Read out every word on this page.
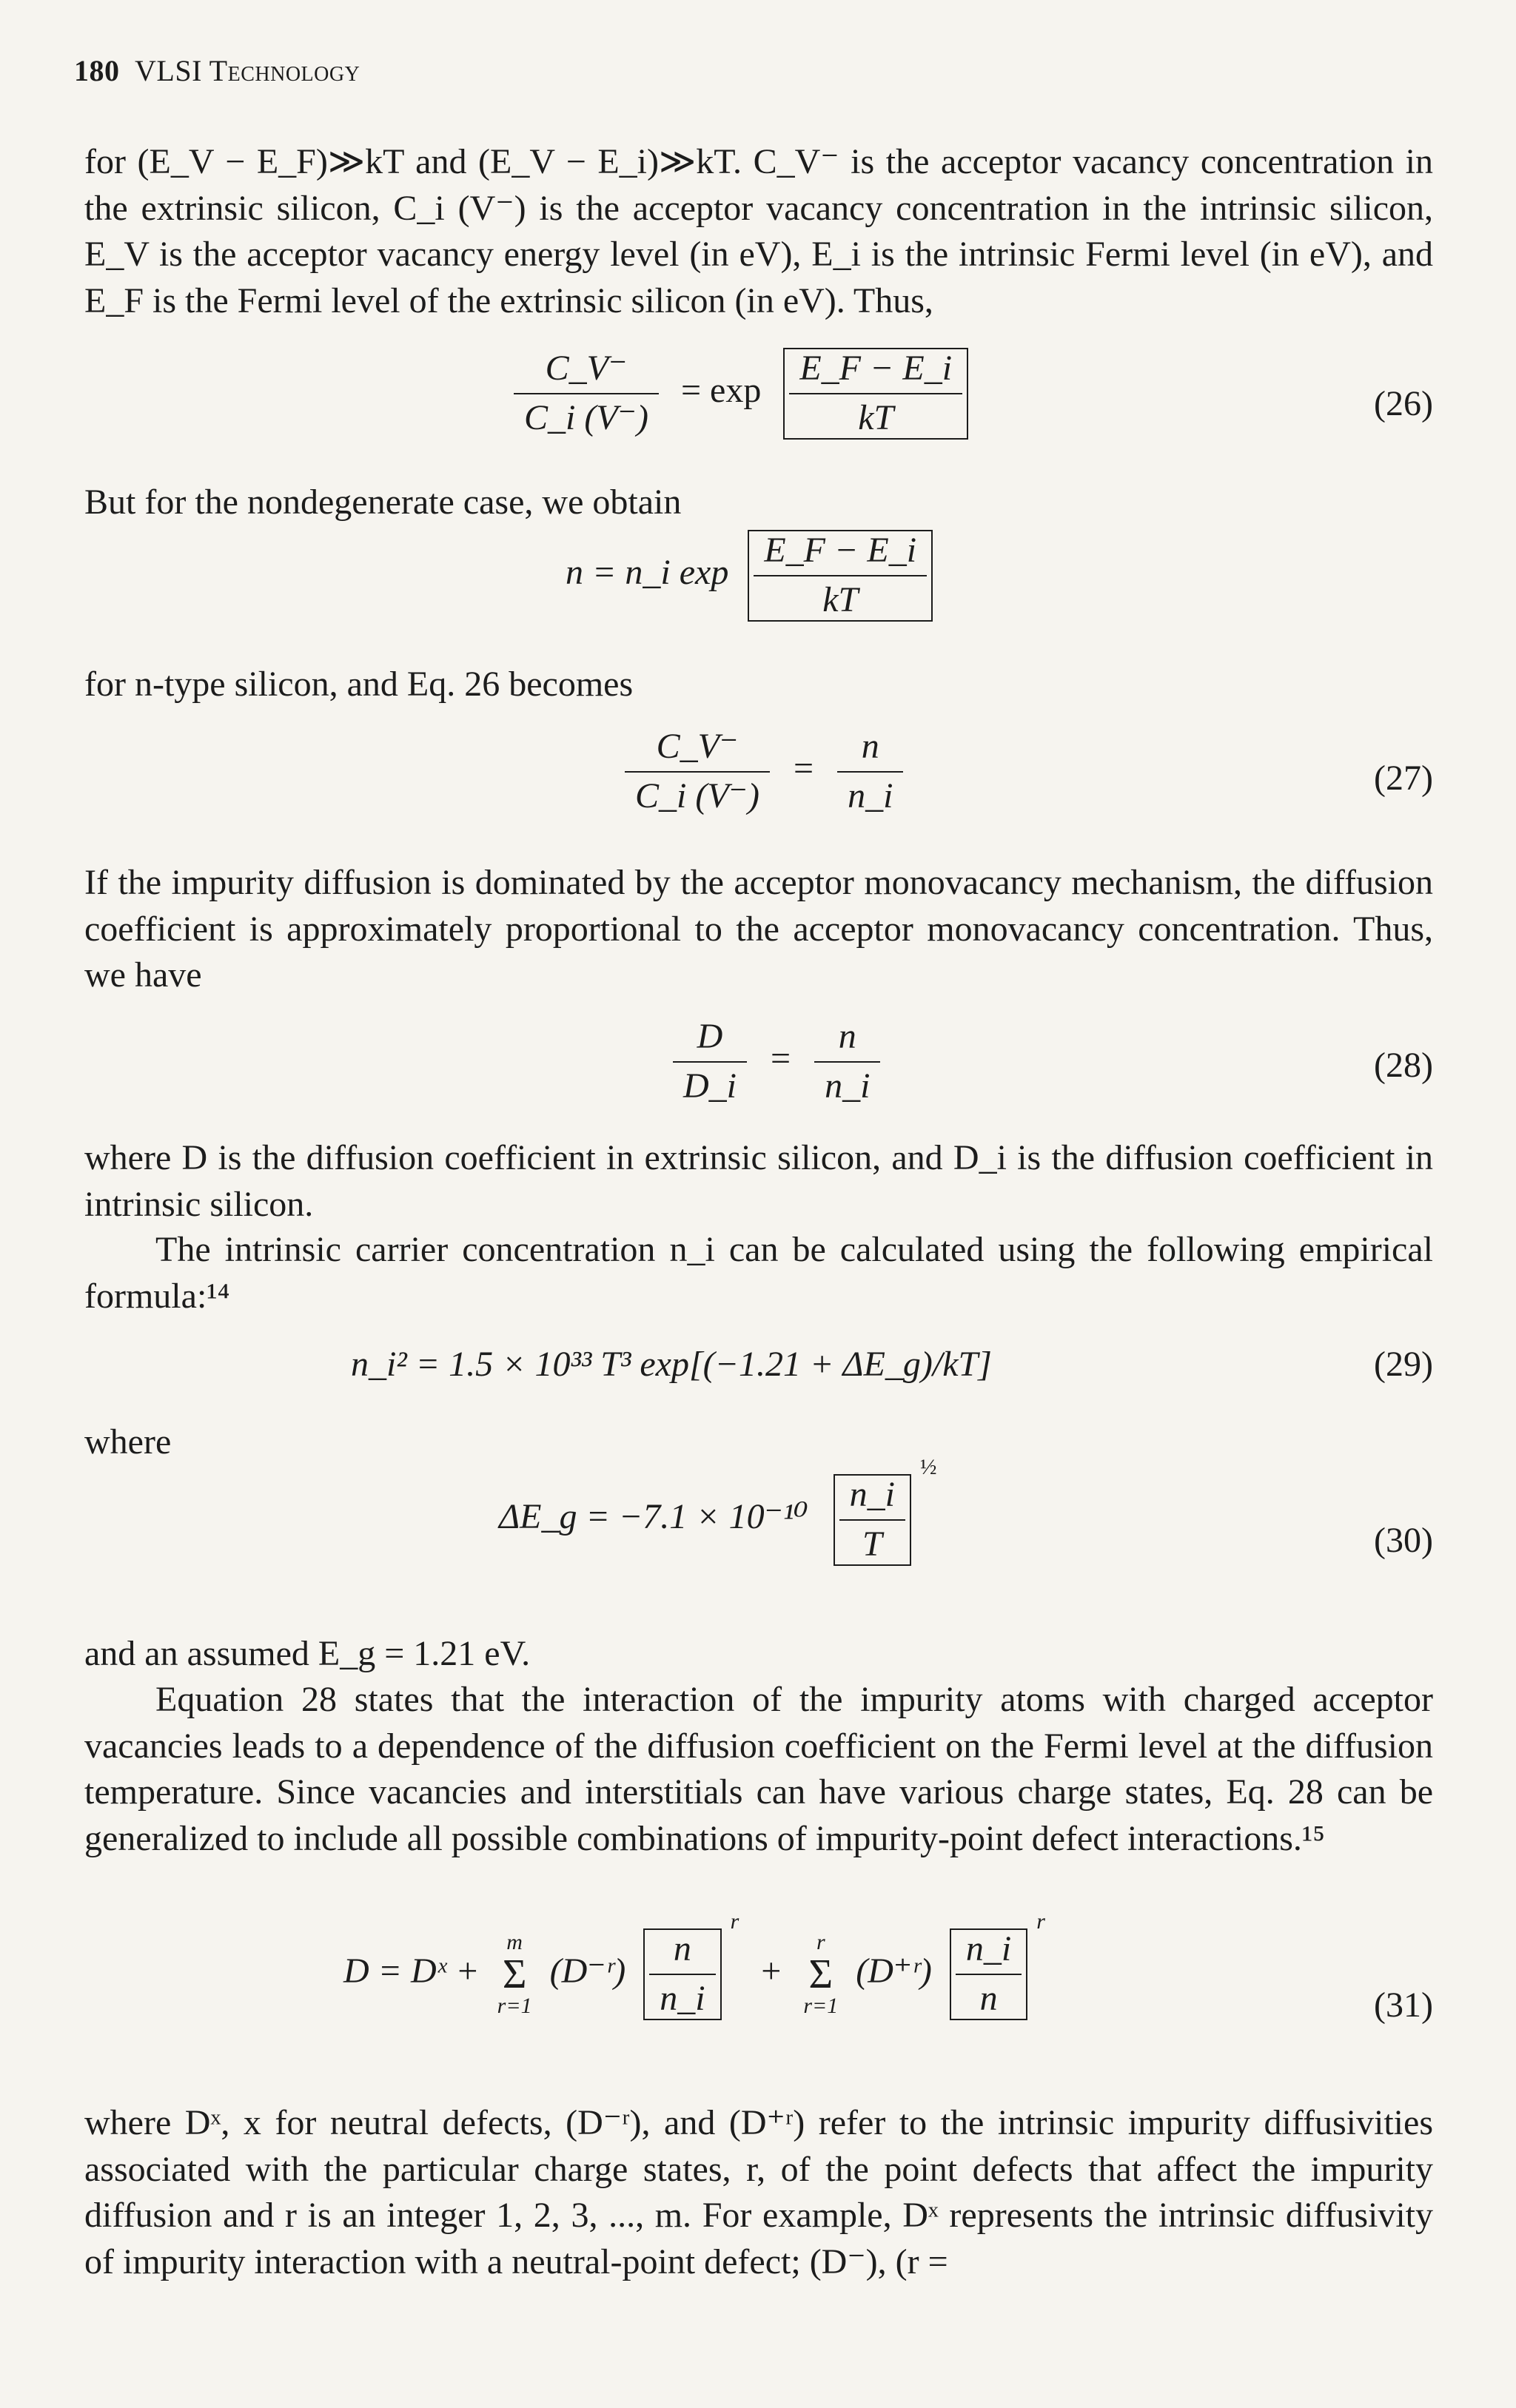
180 VLSI Technology
for (E_V − E_F)≫kT and (E_V − E_i)≫kT. C_V⁻ is the acceptor vacancy concentration in the extrinsic silicon, C_i (V⁻) is the acceptor vacancy concentration in the intrinsic silicon, E_V is the acceptor vacancy energy level (in eV), E_i is the intrinsic Fermi level (in eV), and E_F is the Fermi level of the extrinsic silicon (in eV). Thus,
$\frac{C\_V^-}{C\_i (V^-)} = \exp \frac{E\_F - E\_i}{kT}$	(26)
But for the nondegenerate case, we obtain
n = n_i $\exp \frac{E\_F - E\_i}{kT}$
for n-type silicon, and Eq. 26 becomes
$\frac{C\_V^-}{C\_i (V^-)} = \frac{n}{n\_i}$	(27)
If the impurity diffusion is dominated by the acceptor monovacancy mechanism, the diffusion coefficient is approximately proportional to the acceptor monovacancy concentration. Thus, we have
$\frac{D}{D\_i} = \frac{n}{n\_i}$	(28)
where D is the diffusion coefficient in extrinsic silicon, and D_i is the diffusion coefficient in intrinsic silicon.
The intrinsic carrier concentration n_i can be calculated using the following empirical formula:¹⁴
n_i² = 1.5 × 10³³ T³ exp[(−1.21 + ΔE_g)/kT]	(29)
where
ΔE_g = $-7.1 \times 10^{-10} \frac{n\_i}{T}$
$^{\frac{1}{2}}$
(30)
and an assumed E_g = 1.21 eV.
Equation 28 states that the interaction of the impurity atoms with charged acceptor vacancies leads to a dependence of the diffusion coefficient on the Fermi level at the diffusion temperature. Since vacancies and interstitials can have various charge states, Eq. 28 can be generalized to include all possible combinations of impurity-point defect interactions.¹⁵
D = Dˣ +
m
Σ
r=1
(D⁻ʳ) $\frac{n}{n\_i}$
$^r$ +
r
Σ
r=1
(D⁺ʳ) $\frac{n\_i}{n}$
$^r$
(31)
where Dˣ, x for neutral defects, (D⁻ʳ), and (D⁺ʳ) refer to the intrinsic impurity diffusivities associated with the particular charge states, r, of the point defects that affect the impurity diffusion and r is an integer 1, 2, 3, ..., m. For example, Dˣ represents the intrinsic diffusivity of impurity interaction with a neutral-point defect; (D⁻), (r =
